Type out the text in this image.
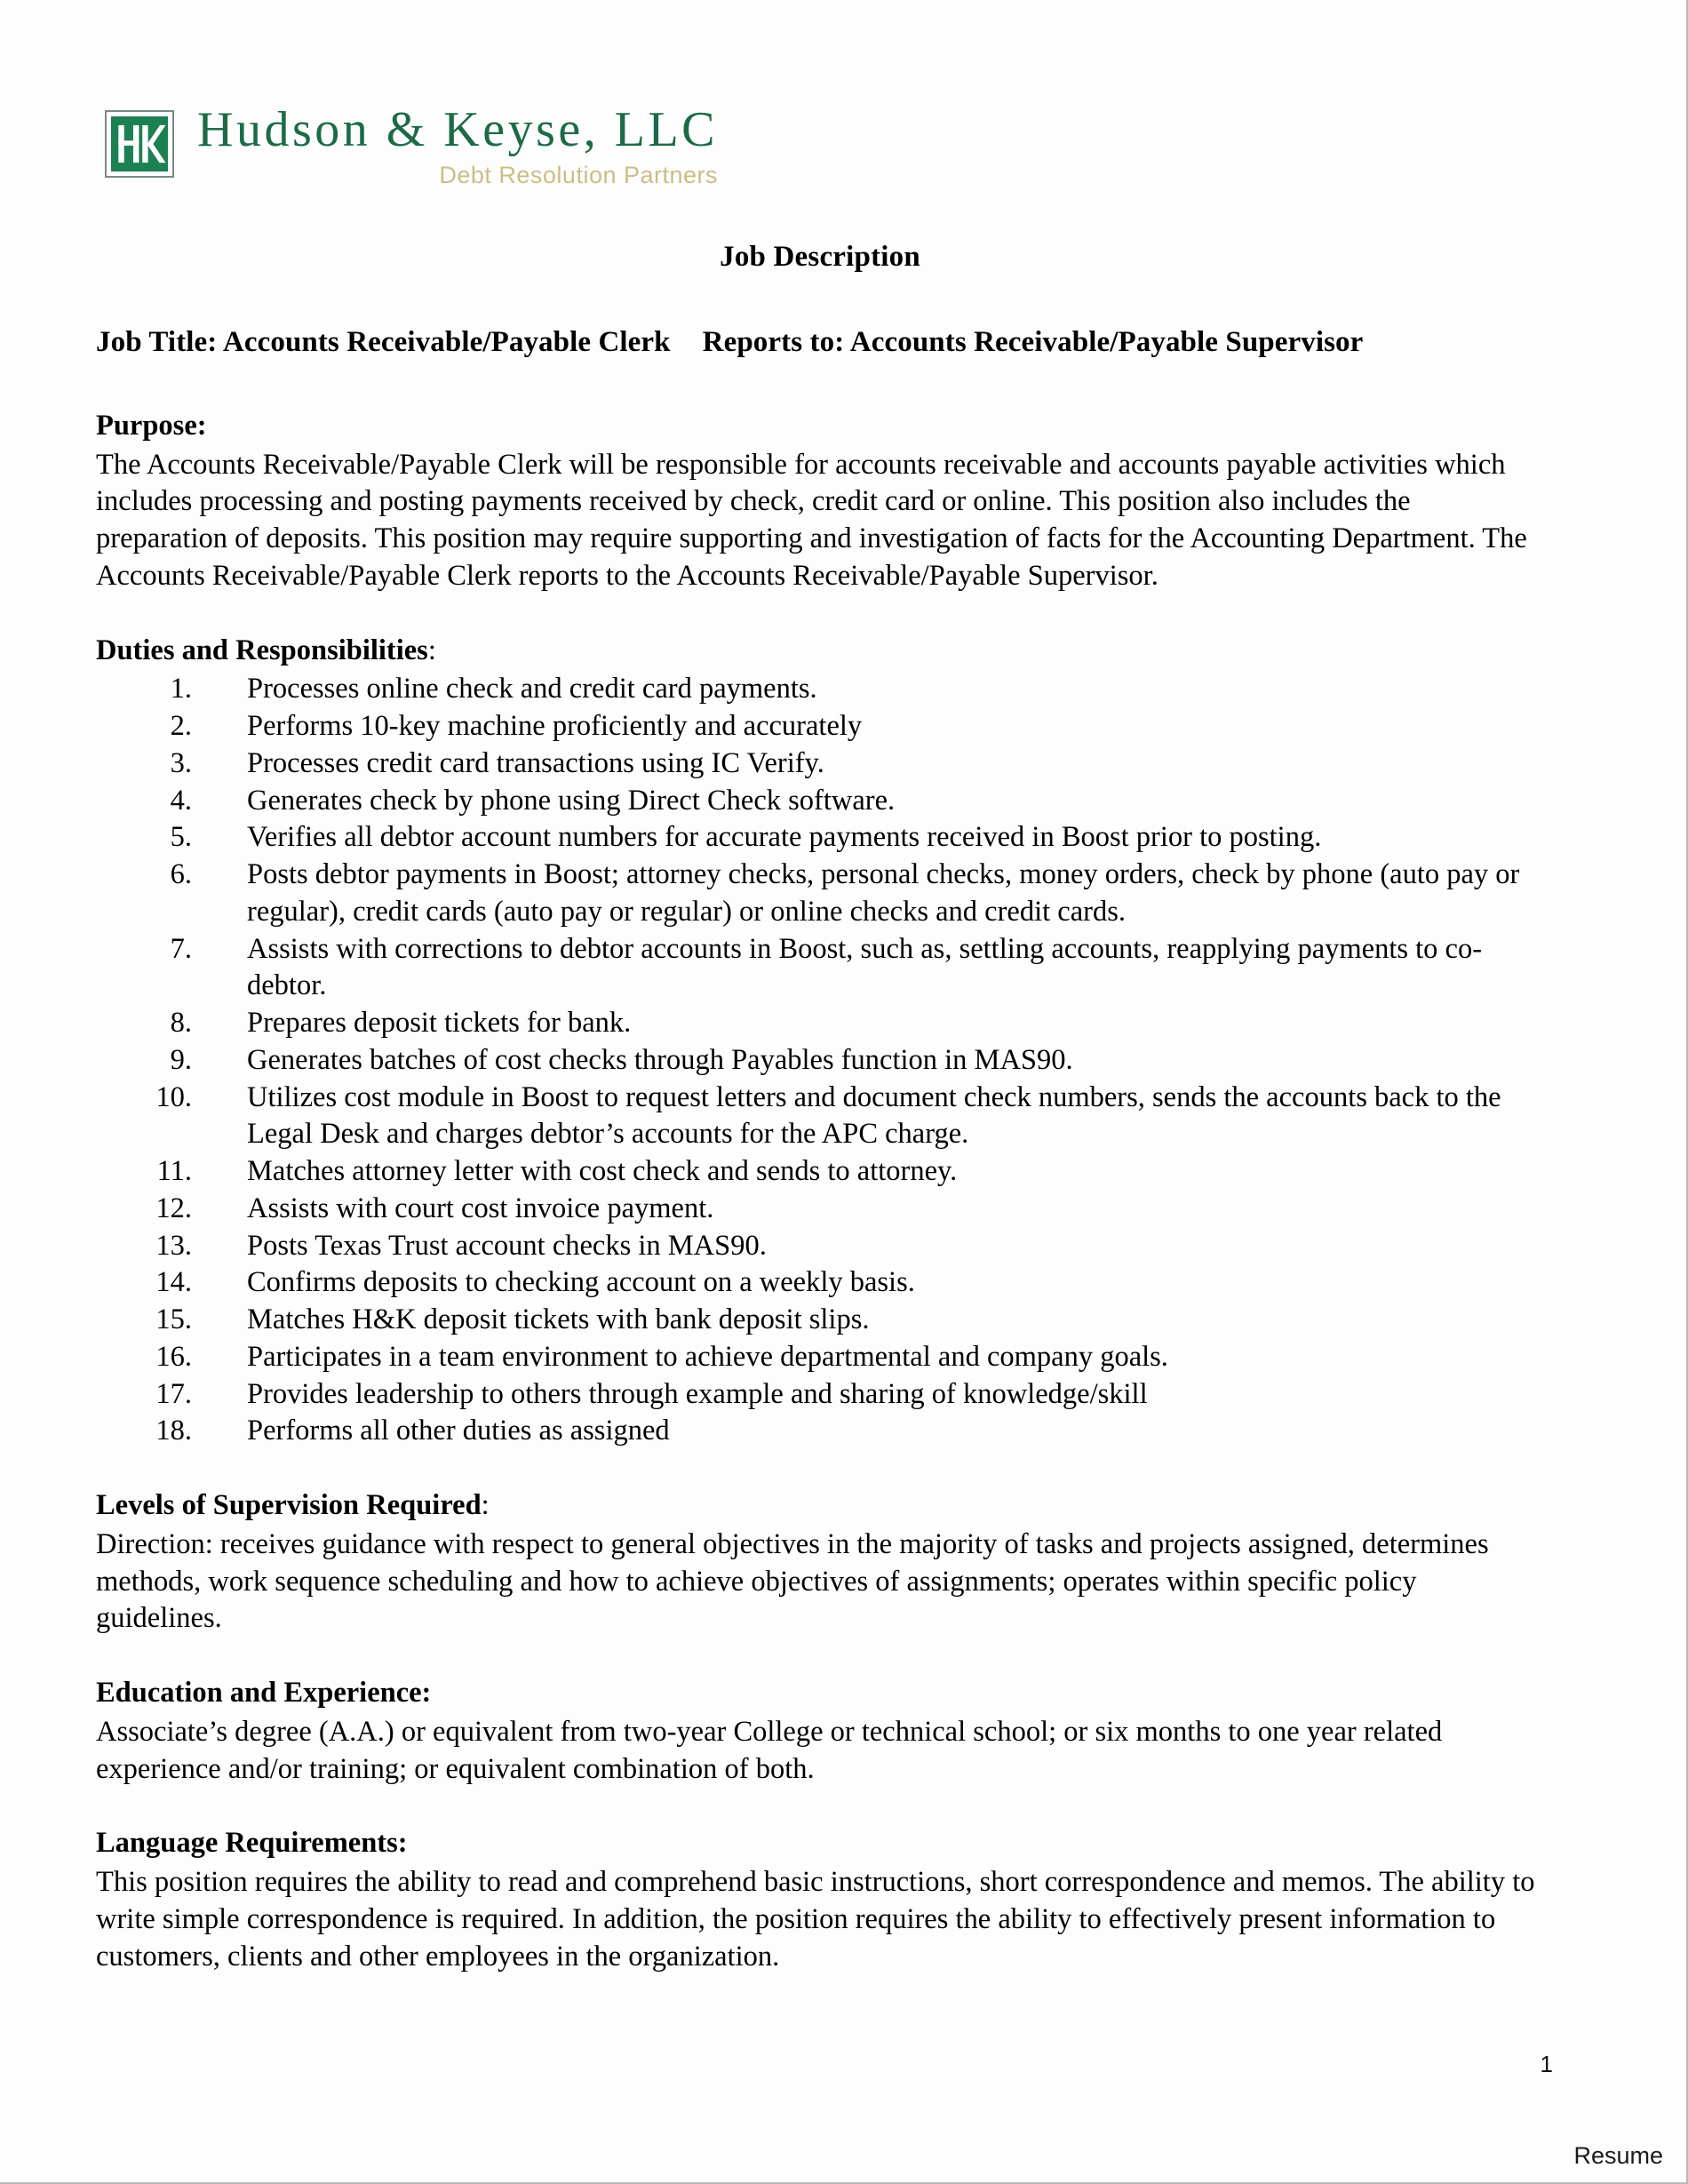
Hudson & Keyse, LLC
Debt Resolution Partners
Job Description
Job Title: Accounts Receivable/Payable Clerk Reports to: Accounts Receivable/Payable Supervisor
Purpose:

The Accounts Receivable/Payable Clerk will be responsible for accounts receivable and accounts payable activities which includes processing and posting payments received by check, credit card or online. This position also includes the preparation of deposits. This position may require supporting and investigation of facts for the Accounting Department. The Accounts Receivable/Payable Clerk reports to the Accounts Receivable/Payable Supervisor.

Duties and Responsibilities:
1. Processes online check and credit card payments.
2. Performs 10-key machine proficiently and accurately
3. Processes credit card transactions using IC Verify.
4. Generates check by phone using Direct Check software.
5. Verifies all debtor account numbers for accurate payments received in Boost prior to posting.
6. Posts debtor payments in Boost; attorney checks, personal checks, money orders, check by phone (auto pay or regular), credit cards (auto pay or regular) or online checks and credit cards.
7. Assists with corrections to debtor accounts in Boost, such as, settling accounts, reapplying payments to co-debtor.
8. Prepares deposit tickets for bank.
9. Generates batches of cost checks through Payables function in MAS90.
10. Utilizes cost module in Boost to request letters and document check numbers, sends the accounts back to the Legal Desk and charges debtor’s accounts for the APC charge.
11. Matches attorney letter with cost check and sends to attorney.
12. Assists with court cost invoice payment.
13. Posts Texas Trust account checks in MAS90.
14. Confirms deposits to checking account on a weekly basis.
15. Matches H&K deposit tickets with bank deposit slips.
16. Participates in a team environment to achieve departmental and company goals.
17. Provides leadership to others through example and sharing of knowledge/skill
18. Performs all other duties as assigned
Levels of Supervision Required:

Direction: receives guidance with respect to general objectives in the majority of tasks and projects assigned, determines methods, work sequence scheduling and how to achieve objectives of assignments; operates within specific policy guidelines.

Education and Experience:

Associate’s degree (A.A.) or equivalent from two-year College or technical school; or six months to one year related experience and/or training; or equivalent combination of both.

Language Requirements:

This position requires the ability to read and comprehend basic instructions, short correspondence and memos. The ability to write simple correspondence is required. In addition, the position requires the ability to effectively present information to customers, clients and other employees in the organization.

1
Resume
